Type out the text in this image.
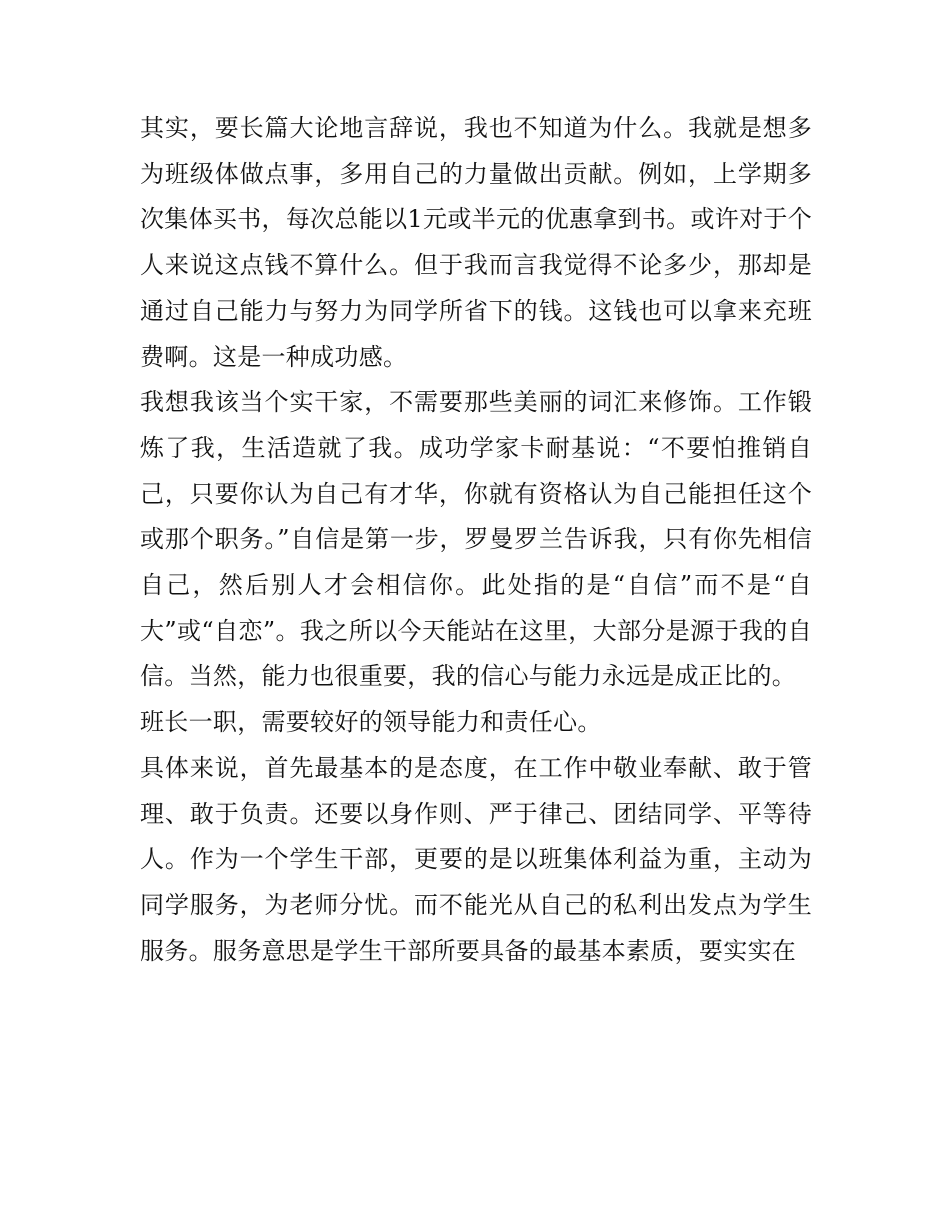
其实，要长篇大论地言辞说，我也不知道为什么。我就是想多为班级体做点事，多用自己的力量做出贡献。例如，上学期多次集体买书，每次总能以1元或半元的优惠拿到书。或许对于个人来说这点钱不算什么。但于我而言我觉得不论多少，那却是通过自己能力与努力为同学所省下的钱。这钱也可以拿来充班费啊。这是一种成功感。

我想我该当个实干家，不需要那些美丽的词汇来修饰。工作锻炼了我，生活造就了我。成功学家卡耐基说：“不要怕推销自己，只要你认为自己有才华，你就有资格认为自己能担任这个或那个职务。”自信是第一步，罗曼罗兰告诉我，只有你先相信自己，然后别人才会相信你。此处指的是“自信”而不是“自大”或“自恋”。我之所以今天能站在这里，大部分是源于我的自信。当然，能力也很重要，我的信心与能力永远是成正比的。

班长一职，需要较好的领导能力和责任心。

具体来说，首先最基本的是态度，在工作中敬业奉献、敢于管理、敢于负责。还要以身作则、严于律己、团结同学、平等待人。作为一个学生干部，更要的是以班集体利益为重，主动为同学服务，为老师分忧。而不能光从自己的私利出发点为学生服务。服务意思是学生干部所要具备的最基本素质，要实实在
